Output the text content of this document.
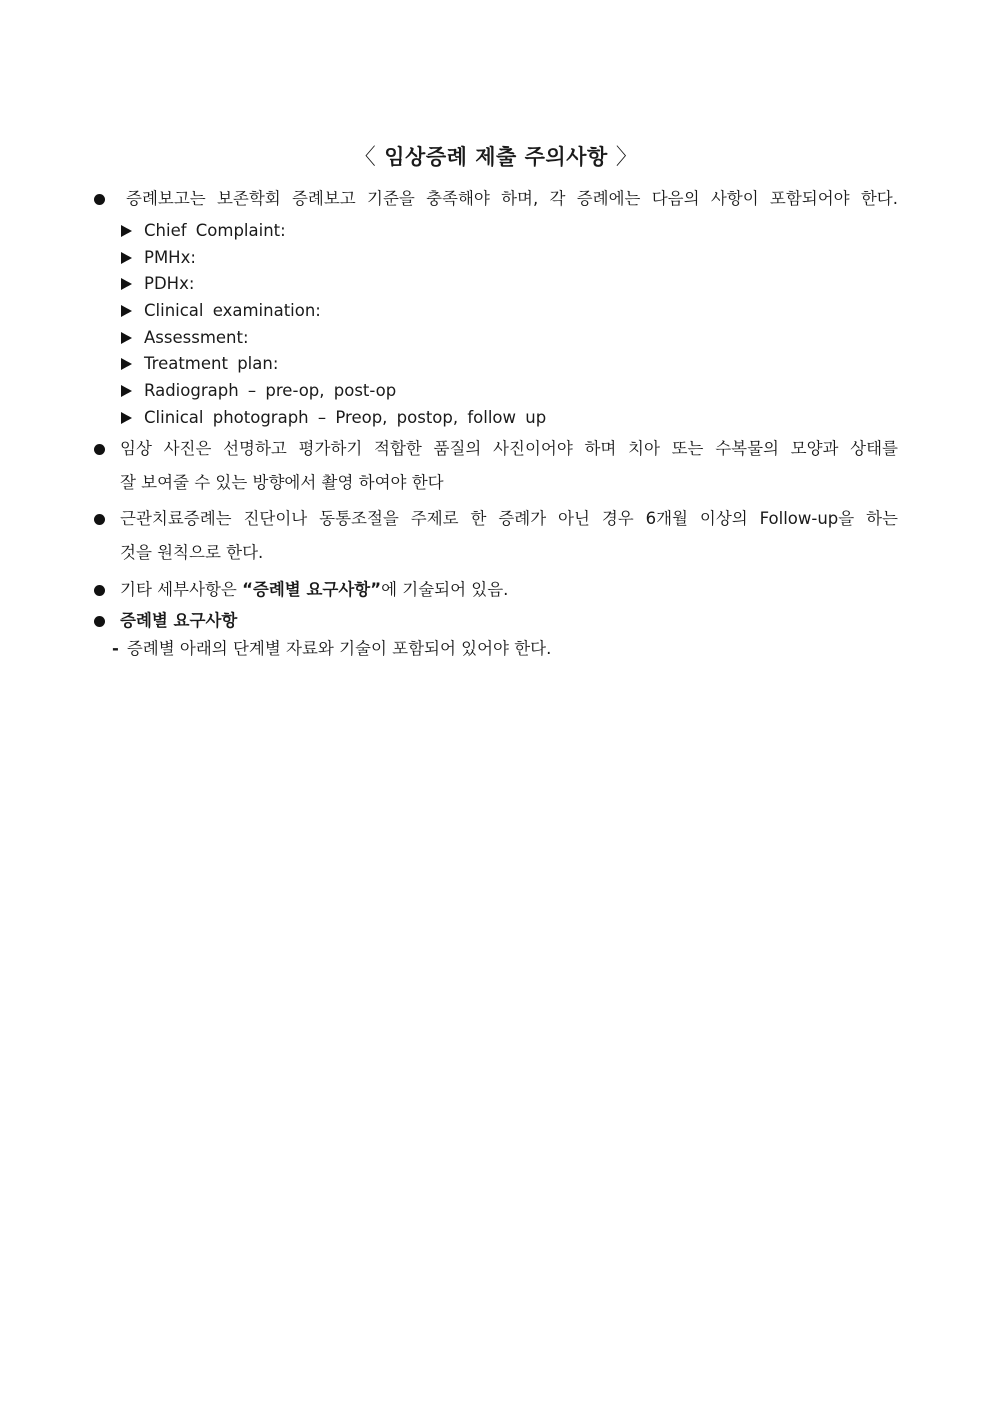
〈 임상증례 제출 주의사항 〉
증례보고는 보존학회 증례보고 기준을 충족해야 하며, 각 증례에는 다음의 사항이 포함되어야 한다.
Chief Complaint:
PMHx:
PDHx:
Clinical examination:
Assessment:
Treatment plan:
Radiograph – pre-op, post-op
Clinical photograph – Preop, postop, follow up
임상 사진은 선명하고 평가하기 적합한 품질의 사진이어야 하며 치아 또는 수복물의 모양과 상태를
잘 보여줄 수 있는 방향에서 촬영 하여야 한다
근관치료증례는 진단이나 동통조절을 주제로 한 증례가 아닌 경우 6개월 이상의 Follow-up을 하는
것을 원칙으로 한다.
기타 세부사항은 “증례별 요구사항”에 기술되어 있음.
증례별 요구사항
- 증례별 아래의 단계별 자료와 기술이 포함되어 있어야 한다.
